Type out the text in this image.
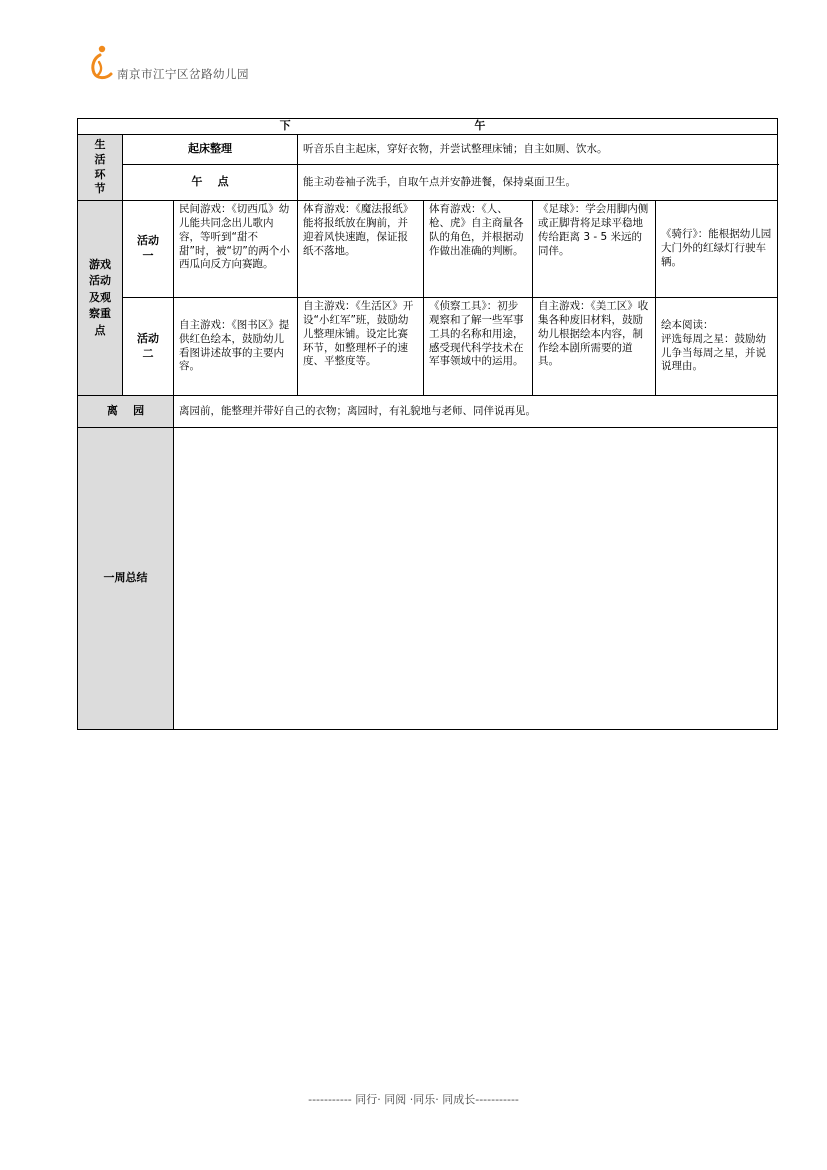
南京市江宁区岔路幼儿园
下 午						

生活环节	起床整理		听音乐自主起床，穿好衣物，并尝试整理床铺；自主如厕、饮水。			
	午    点		能主动卷袖子洗手，自取午点并安静进餐，保持桌面卫生。			

游戏活动及观察重点	活动一	民间游戏：《切西瓜》幼儿能共同念出儿歌内容，等听到“甜不甜”时，被“切”的两个小西瓜向反方向赛跑。	体育游戏：《魔法报纸》能将报纸放在胸前，并迎着风快速跑，保证报纸不落地。	体育游戏：《人、枪、虎》自主商量各队的角色，并根据动作做出准确的判断。	《足球》：学会用脚内侧或正脚背将足球平稳地传给距离 3 - 5 米远的同伴。	《骑行》：能根据幼儿园大门外的红绿灯行驶车辆。

	活动二	自主游戏：《图书区》提供红色绘本，鼓励幼儿看图讲述故事的主要内容。	自主游戏：《生活区》开设“小红军”班，鼓励幼儿整理床铺。设定比赛环节，如整理杯子的速度、平整度等。	《侦察工具》：初步观察和了解一些军事工具的名称和用途，感受现代科学技术在军事领域中的运用。	自主游戏：《美工区》收集各种废旧材料，鼓励幼儿根据绘本内容，制作绘本剧所需要的道具。	绘本阅读：
评选每周之星：鼓励幼儿争当每周之星，并说说理由。
离    园		离园前，能整理并带好自己的衣物；离园时，有礼貌地与老师、同伴说再见。				
一周总结						
----------- 同行· 同阅 ·同乐· 同成长-----------
